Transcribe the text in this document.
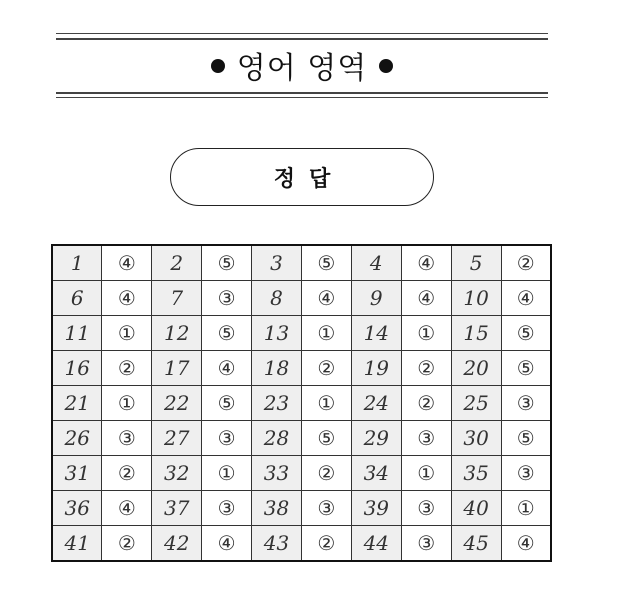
영어 영역
정답
1	④	2	⑤	3	⑤	4	④	5	②
6	④	7	③	8	④	9	④	10	④
11	①	12	⑤	13	①	14	①	15	⑤
16	②	17	④	18	②	19	②	20	⑤
21	①	22	⑤	23	①	24	②	25	③
26	③	27	③	28	⑤	29	③	30	⑤
31	②	32	①	33	②	34	①	35	③
36	④	37	③	38	③	39	③	40	①
41	②	42	④	43	②	44	③	45	④
